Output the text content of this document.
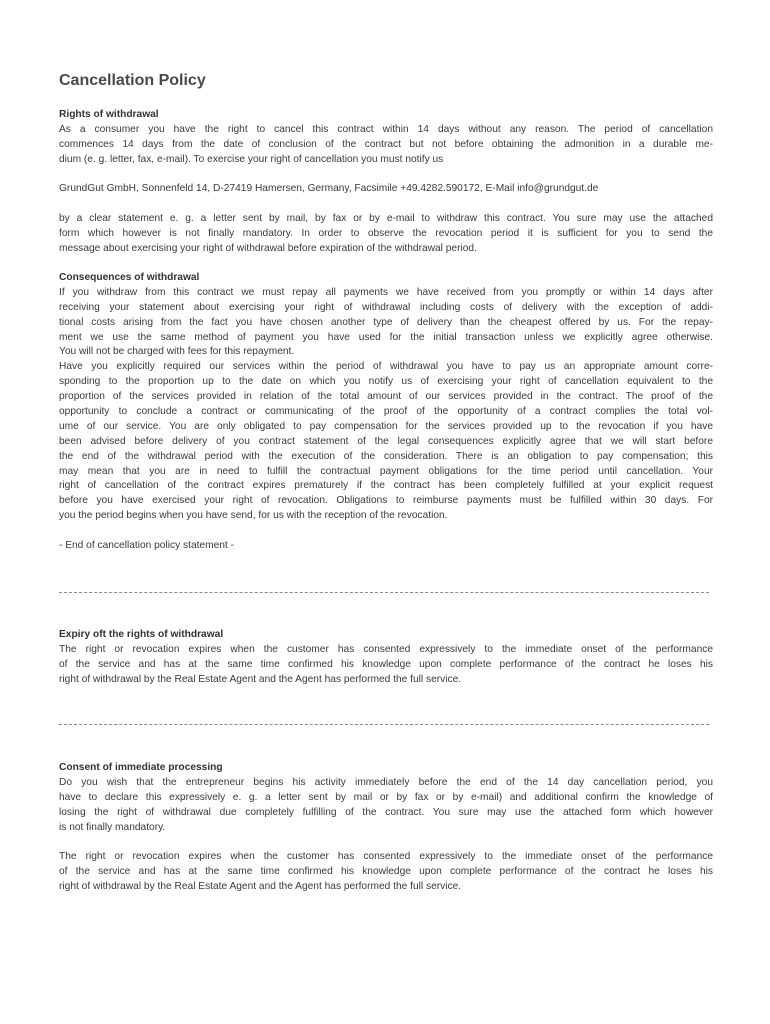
Cancellation Policy
Rights of withdrawal
As a consumer you have the right to cancel this contract within 14 days without any reason. The period of cancellation
commences 14 days from the date of conclusion of the contract but not before obtaining the admonition in a durable me-
dium (e. g. letter, fax, e-mail). To exercise your right of cancellation you must notify us
GrundGut GmbH, Sonnenfeld 14, D-27419 Hamersen, Germany, Facsimile +49.4282.590172, E-Mail info@grundgut.de
by a clear statement e. g. a letter sent by mail, by fax or by e-mail to withdraw this contract. You sure may use the attached
form which however is not finally mandatory. In order to observe the revocation period it is sufficient for you to send the
message about exercising your right of withdrawal before expiration of the withdrawal period.
Consequences of withdrawal
If you withdraw from this contract we must repay all payments we have received from you promptly or within 14 days after
receiving your statement about exercising your right of withdrawal including costs of delivery with the exception of addi-
tional costs arising from the fact you have chosen another type of delivery than the cheapest offered by us. For the repay-
ment we use the same method of payment you have used for the initial transaction unless we explicitly agree otherwise.
You will not be charged with fees for this repayment.
Have you explicitly required our services within the period of withdrawal you have to pay us an appropriate amount corre-
sponding to the proportion up to the date on which you notify us of exercising your right of cancellation equivalent to the
proportion of the services provided in relation of the total amount of our services provided in the contract. The proof of the
opportunity to conclude a contract or communicating of the proof of the opportunity of a contract complies the total vol-
ume of our service. You are only obligated to pay compensation for the services provided up to the revocation if you have
been advised before delivery of you contract statement of the legal consequences explicitly agree that we will start before
the end of the withdrawal period with the execution of the consideration. There is an obligation to pay compensation; this
may mean that you are in need to fulfill the contractual payment obligations for the time period until cancellation. Your
right of cancellation of the contract expires prematurely if the contract has been completely fulfilled at your explicit request
before you have exercised your right of revocation. Obligations to reimburse payments must be fulfilled within 30 days. For
you the period begins when you have send, for us with the reception of the revocation.
- End of cancellation policy statement -
Expiry oft the rights of withdrawal
The right or revocation expires when the customer has consented expressively to the immediate onset of the performance
of the service and has at the same time confirmed his knowledge upon complete performance of the contract he loses his
right of withdrawal by the Real Estate Agent and the Agent has performed the full service.
Consent of immediate processing
Do you wish that the entrepreneur begins his activity immediately before the end of the 14 day cancellation period, you
have to declare this expressively e. g. a letter sent by mail or by fax or by e-mail) and additional confirm the knowledge of
losing the right of withdrawal due completely fulfilling of the contract. You sure may use the attached form which however
is not finally mandatory.
The right or revocation expires when the customer has consented expressively to the immediate onset of the performance
of the service and has at the same time confirmed his knowledge upon complete performance of the contract he loses his
right of withdrawal by the Real Estate Agent and the Agent has performed the full service.
